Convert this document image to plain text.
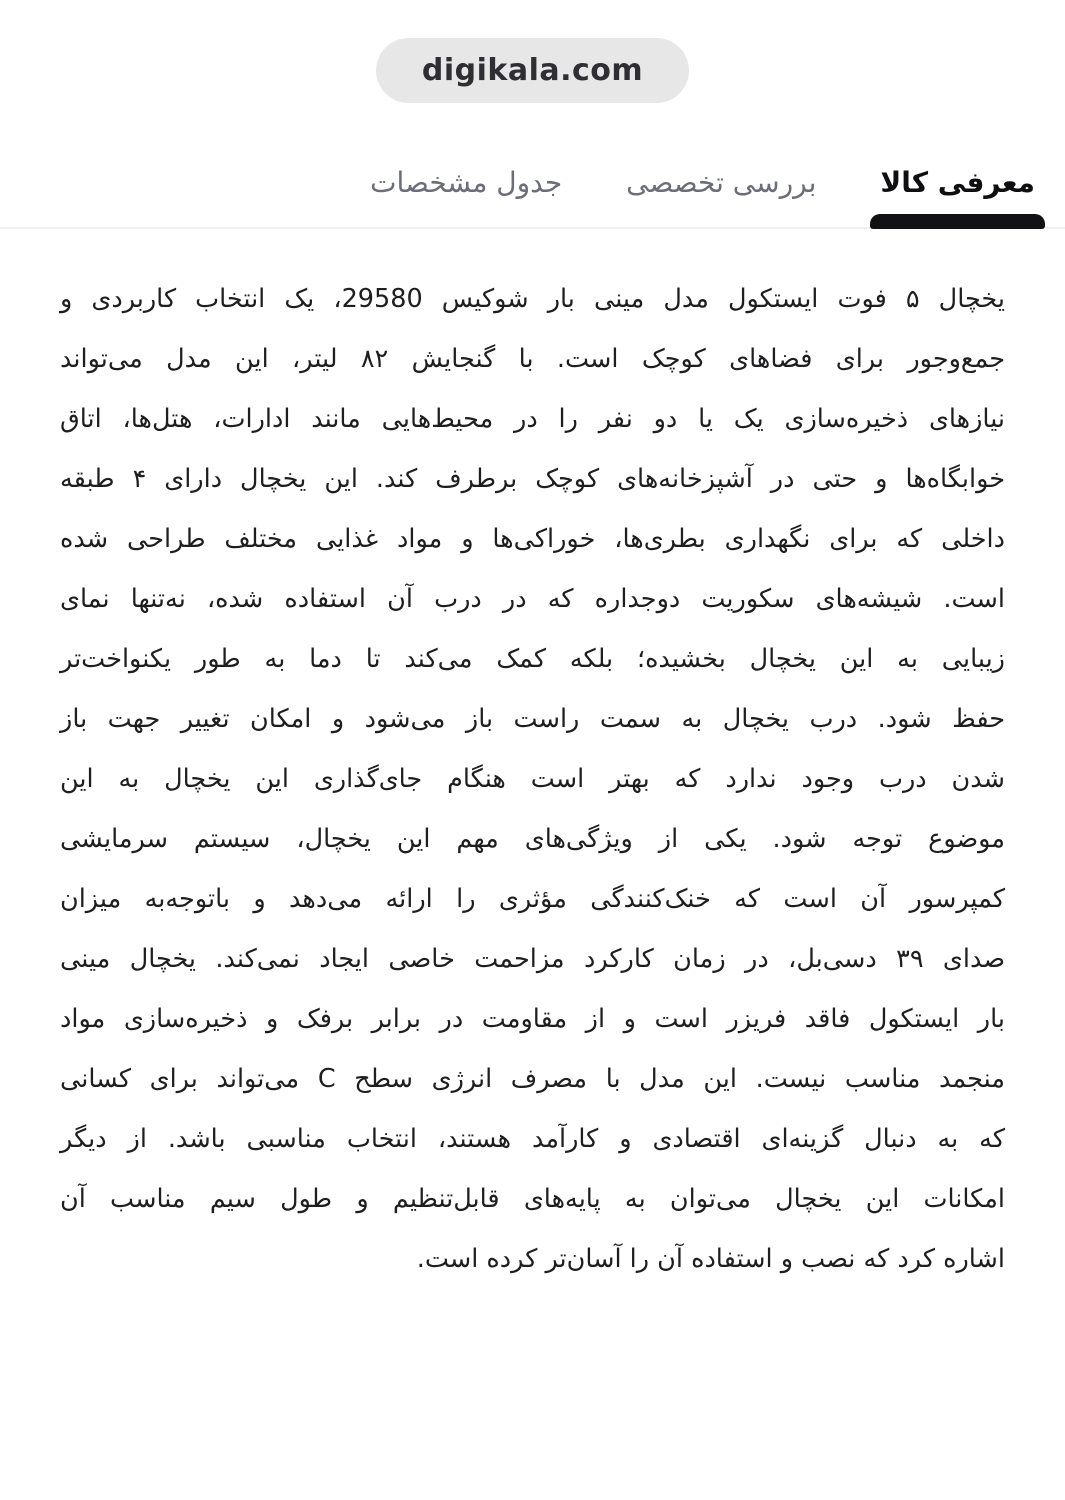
digikala.com
معرفی کالا
بررسی تخصصی
جدول مشخصات
یخچال ۵ فوت ایستکول مدل مینی بار شوکیس 29580، یک انتخاب کاربردی و
جمع‌وجور برای فضاهای کوچک است. با گنجایش ۸۲ لیتر، این مدل می‌تواند
نیازهای ذخیره‌سازی یک یا دو نفر را در محیط‌هایی مانند ادارات، هتل‌ها، اتاق
خوابگاه‌ها و حتی در آشپزخانه‌های کوچک برطرف کند. این یخچال دارای ۴ طبقه
داخلی که برای نگهداری بطری‌ها، خوراکی‌ها و مواد غذایی مختلف طراحی شده
است. شیشه‌های سکوریت دوجداره که در درب آن استفاده شده، نه‌تنها نمای
زیبایی به این یخچال بخشیده؛ بلکه کمک می‌کند تا دما به طور یکنواخت‌تر
حفظ شود. درب یخچال به سمت راست باز می‌شود و امکان تغییر جهت باز
شدن درب وجود ندارد که بهتر است هنگام جای‌گذاری این یخچال به این
موضوع توجه شود. یکی از ویژگی‌های مهم این یخچال، سیستم سرمایشی
کمپرسور آن است که خنک‌کنندگی مؤثری را ارائه می‌دهد و باتوجه‌به میزان
صدای ۳۹ دسی‌بل، در زمان کارکرد مزاحمت خاصی ایجاد نمی‌کند. یخچال مینی
بار ایستکول فاقد فریزر است و از مقاومت در برابر برفک و ذخیره‌سازی مواد
منجمد مناسب نیست. این مدل با مصرف انرژی سطح C می‌تواند برای کسانی
که به دنبال گزینه‌ای اقتصادی و کارآمد هستند، انتخاب مناسبی باشد. از دیگر
امکانات این یخچال می‌توان به پایه‌های قابل‌تنظیم و طول سیم مناسب آن
اشاره کرد که نصب و استفاده آن را آسان‌تر کرده است.
